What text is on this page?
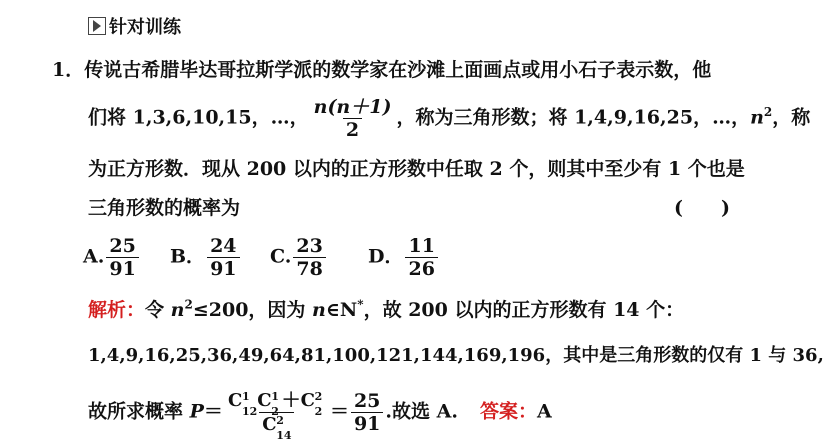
针对训练
1．传说古希腊毕达哥拉斯学派的数学家在沙滩上面画点或用小石子表示数，他
们将 1,3,6,10,15，…， $\frac{n(n+1)}{2}$ ，称为三角形数；将 1,4,9,16,25，…，$n^2$，称
为正方形数．现从 200 以内的正方形数中任取 2 个，则其中至少有 1 个也是
三角形数的概率为	(　　)
A. $\frac{25}{91}$ B． $\frac{24}{91} C$. $\frac{23}{78}$ D． $\frac{11}{26}$
解析：令 $n^2\le 200$，因为 n∈N*，故 200 以内的正方形数有 14 个：
1,4,9,16,25,36,49,64,81,100,121,144,169,196，其中是三角形数的仅有 1 与 36,
故所求概率 P＝ C 1
12
C 1
2
＋C 2
2
C 2
$14 = \frac{25}{91}$ .故选 A. 答案：A
